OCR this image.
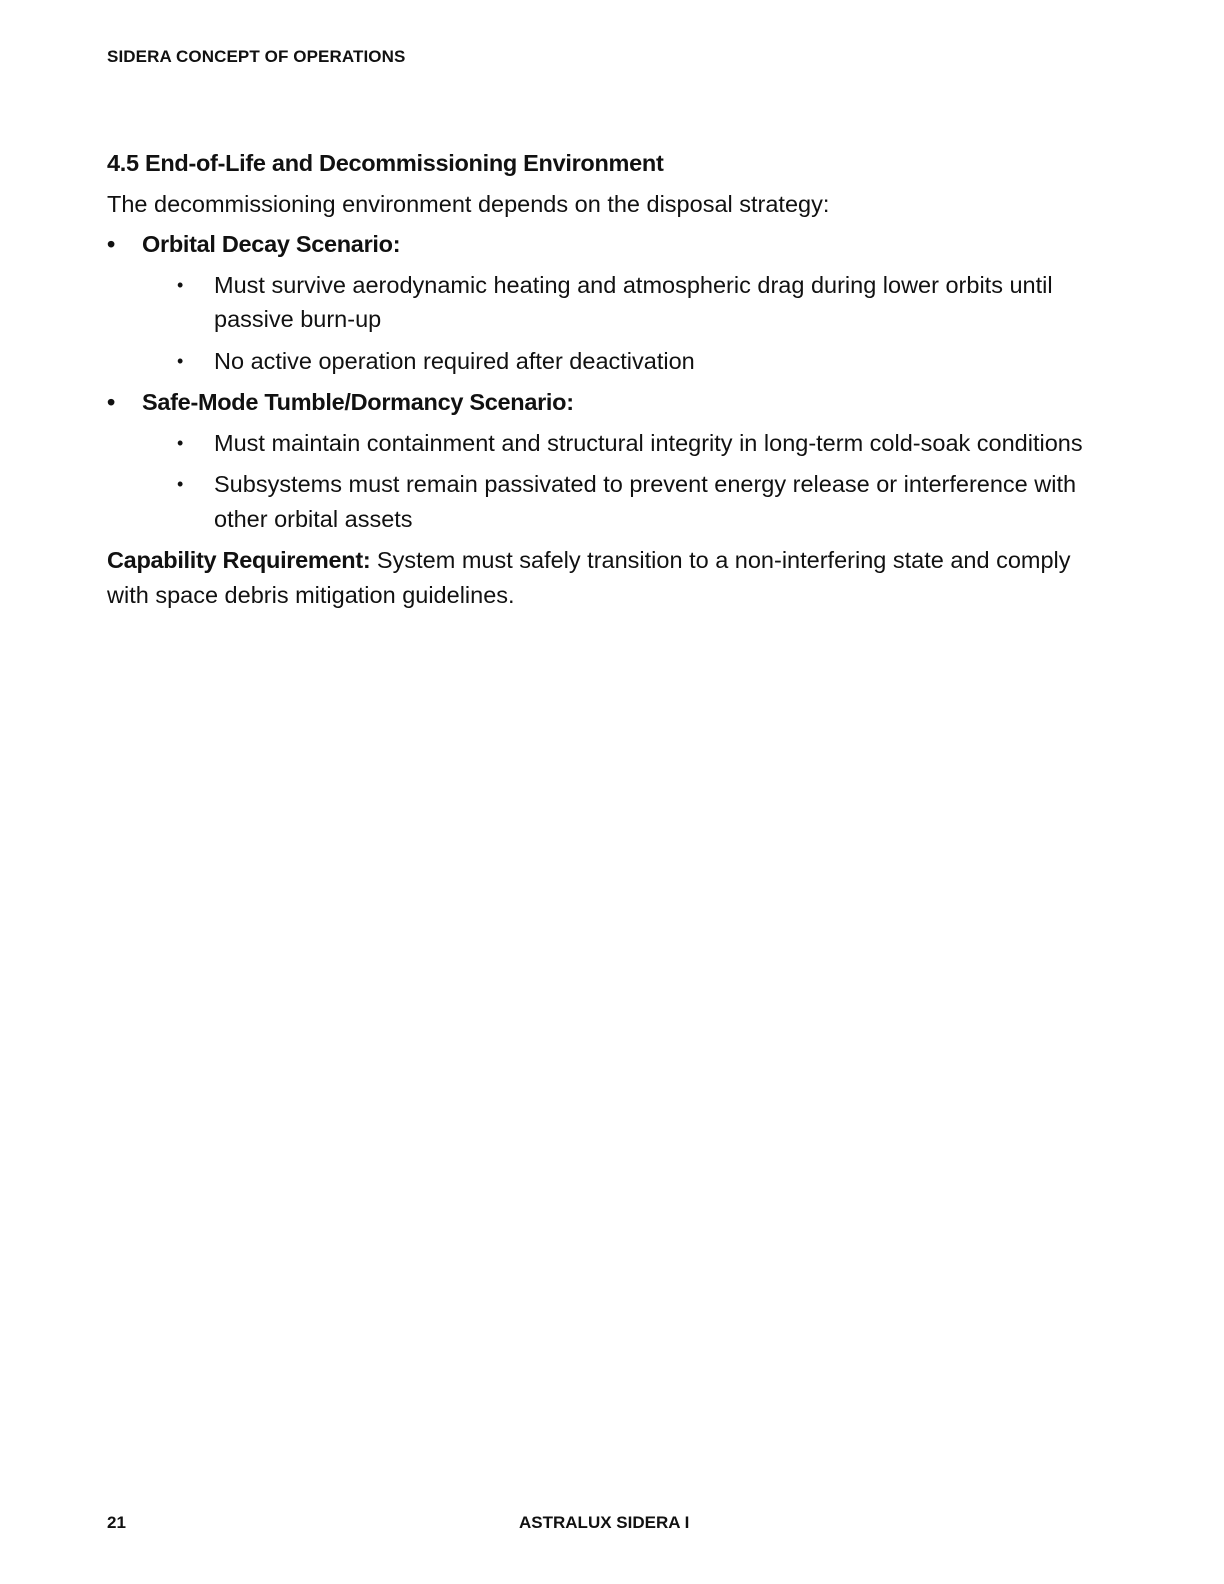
SIDERA CONCEPT OF OPERATIONS
4.5 End-of-Life and Decommissioning Environment

The decommissioning environment depends on the disposal strategy:

• Orbital Decay Scenario:
• Must survive aerodynamic heating and atmospheric drag during lower orbits until passive burn-up
• No active operation required after deactivation
• Safe-Mode Tumble/Dormancy Scenario:
• Must maintain containment and structural integrity in long-term cold-soak conditions
• Subsystems must remain passivated to prevent energy release or interference with other orbital assets

Capability Requirement: System must safely transition to a non-interfering state and comply with space debris mitigation guidelines.

21	ASTRALUX SIDERA I
